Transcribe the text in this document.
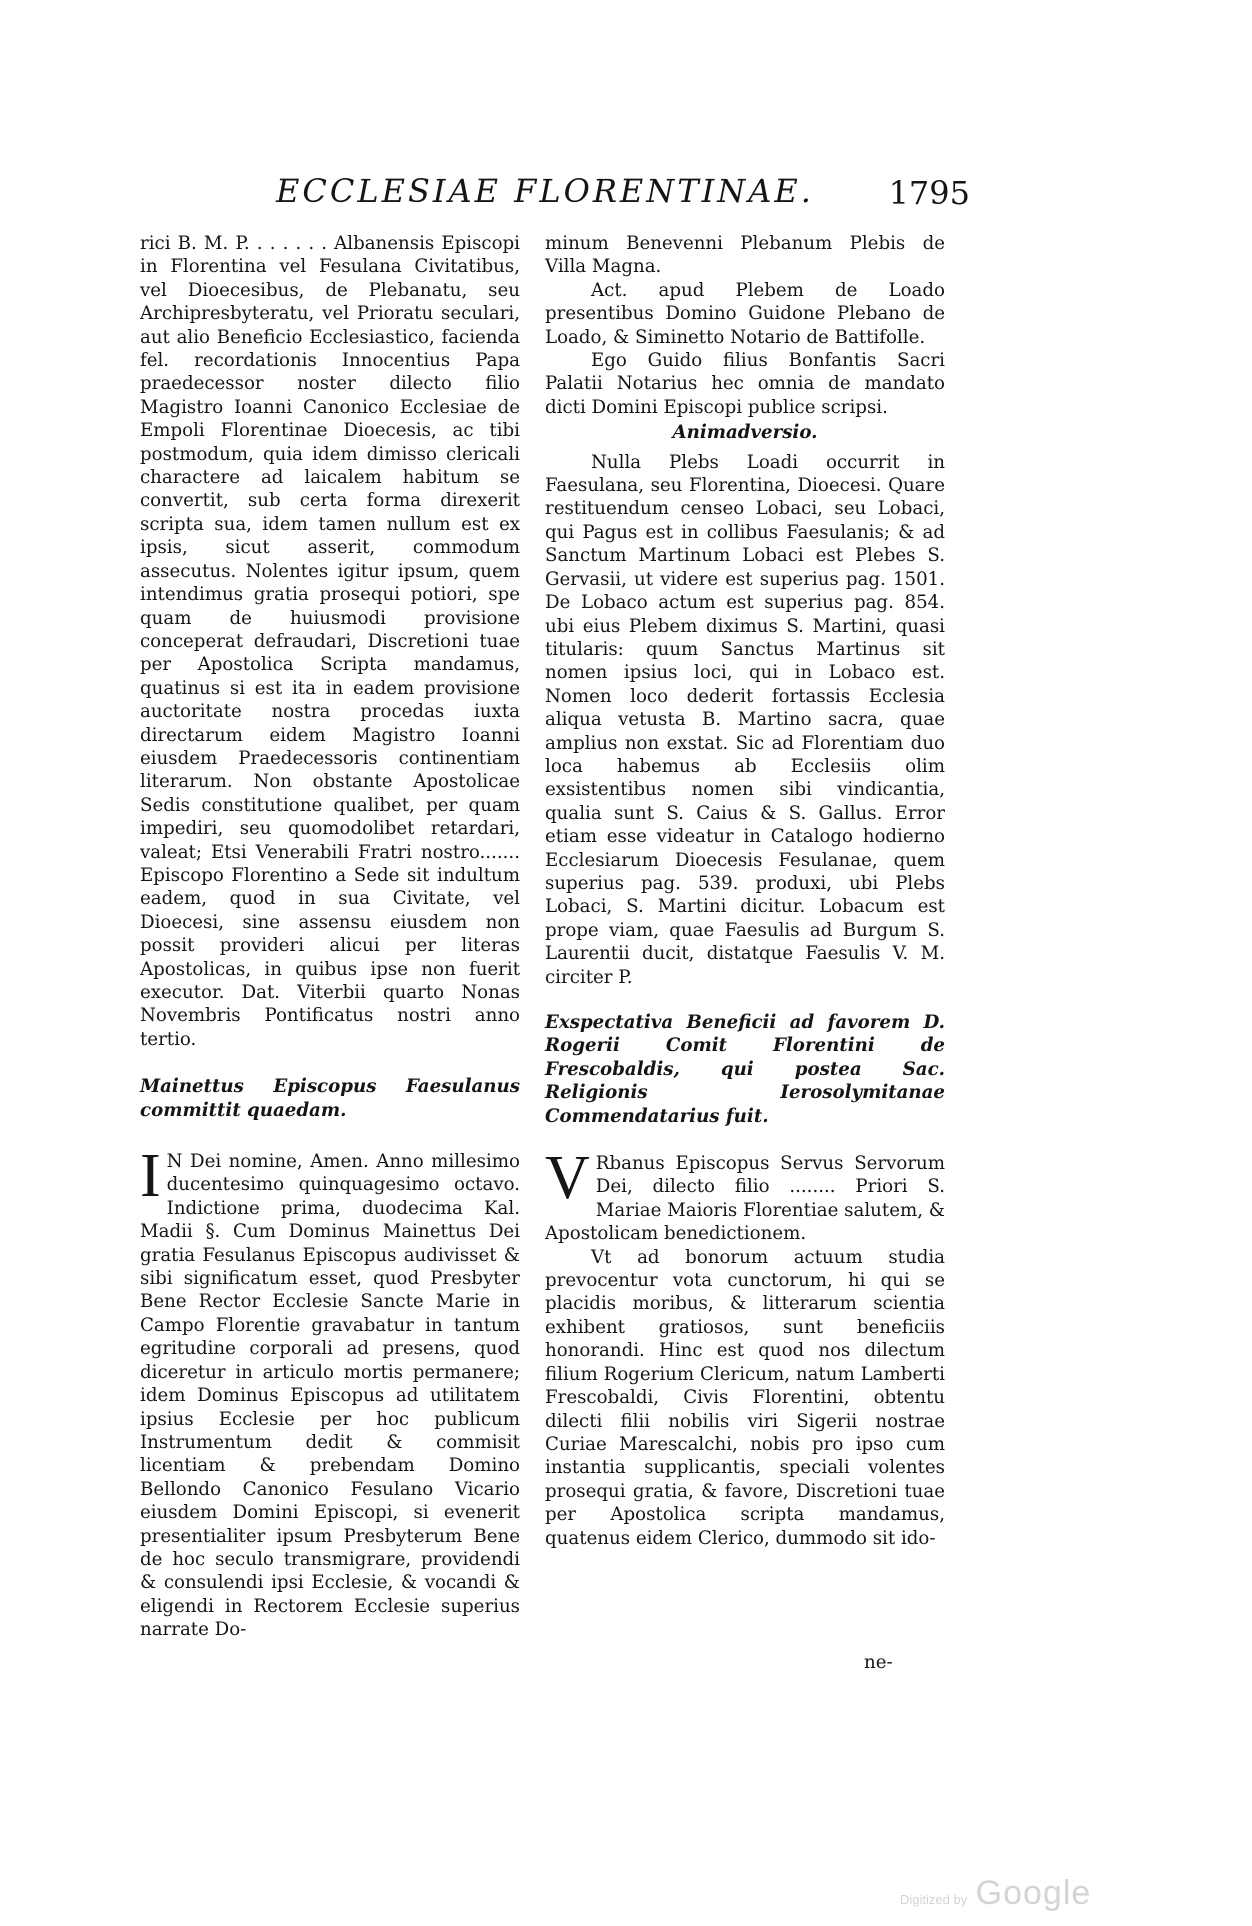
ECCLESIAE FLORENTINAE. 1795

rici B. M. P. . . . . . . Albanensis Episcopi in Florentina vel Fesulana Civitatibus, vel Dioecesibus, de Plebanatu, seu Archipresbyteratu, vel Prioratu seculari, aut alio Beneficio Ecclesiastico, facienda fel. recordationis Innocentius Papa praedecessor noster dilecto filio Magistro Ioanni Canonico Ecclesiae de Empoli Florentinae Dioecesis, ac tibi postmodum, quia idem dimisso clericali charactere ad laicalem habitum se convertit, sub certa forma direxerit scripta sua, idem tamen nullum est ex ipsis, sicut asserit, commodum assecutus. Nolentes igitur ipsum, quem intendimus gratia prosequi potiori, spe quam de huiusmodi provisione conceperat defraudari, Discretioni tuae per Apostolica Scripta mandamus, quatinus si est ita in eadem provisione auctoritate nostra procedas iuxta directarum eidem Magistro Ioanni eiusdem Praedecessoris continentiam literarum. Non obstante Apostolicae Sedis constitutione qualibet, per quam impediri, seu quomodolibet retardari, valeat; Etsi Venerabili Fratri nostro....... Episcopo Florentino a Sede sit indultum eadem, quod in sua Civitate, vel Dioecesi, sine assensu eiusdem non possit provideri alicui per literas Apostolicas, in quibus ipse non fuerit executor. Dat. Viterbii quarto Nonas Novembris Pontificatus nostri anno tertio.

Mainettus Episcopus Faesulanus committit quaedam.

I N Dei nomine, Amen. Anno millesimo ducentesimo quinquagesimo octavo. Indictione prima, duodecima Kal. Madii §. Cum Dominus Mainettus Dei gratia Fesulanus Episcopus audivisset & sibi significatum esset, quod Presbyter Bene Rector Ecclesie Sancte Marie in Campo Florentie gravabatur in tantum egritudine corporali ad presens, quod diceretur in articulo mortis permanere; idem Dominus Episcopus ad utilitatem ipsius Ecclesie per hoc publicum Instrumentum dedit & commisit licentiam & prebendam Domino Bellondo Canonico Fesulano Vicario eiusdem Domini Episcopi, si evenerit presentialiter ipsum Presbyterum Bene de hoc seculo transmigrare, providendi & consulendi ipsi Ecclesie, & vocandi & eligendi in Rectorem Ecclesie superius narrate Do-

minum Benevenni Plebanum Plebis de Villa Magna.

Act. apud Plebem de Loado presentibus Domino Guidone Plebano de Loado, & Siminetto Notario de Battifolle.

Ego Guido filius Bonfantis Sacri Palatii Notarius hec omnia de mandato dicti Domini Episcopi publice scripsi.

Animadversio.

Nulla Plebs Loadi occurrit in Faesulana, seu Florentina, Dioecesi. Quare restituendum censeo Lobaci, seu Lobaci, qui Pagus est in collibus Faesulanis; & ad Sanctum Martinum Lobaci est Plebes S. Gervasii, ut videre est superius pag. 1501. De Lobaco actum est superius pag. 854. ubi eius Plebem diximus S. Martini, quasi titularis: quum Sanctus Martinus sit nomen ipsius loci, qui in Lobaco est. Nomen loco dederit fortassis Ecclesia aliqua vetusta B. Martino sacra, quae amplius non exstat. Sic ad Florentiam duo loca habemus ab Ecclesiis olim exsistentibus nomen sibi vindicantia, qualia sunt S. Caius & S. Gallus. Error etiam esse videatur in Catalogo hodierno Ecclesiarum Dioecesis Fesulanae, quem superius pag. 539. produxi, ubi Plebs Lobaci, S. Martini dicitur. Lobacum est prope viam, quae Faesulis ad Burgum S. Laurentii ducit, distatque Faesulis V. M. circiter P.

Exspectativa Beneficii ad favorem D. Rogerii Comit Florentini de Frescobaldis, qui postea Sac. Religionis Ierosolymitanae Commendatarius fuit.

V Rbanus Episcopus Servus Servorum Dei, dilecto filio ........ Priori S. Mariae Maioris Florentiae salutem, & Apostolicam benedictionem.

Vt ad bonorum actuum studia prevocentur vota cunctorum, hi qui se placidis moribus, & litterarum scientia exhibent gratiosos, sunt beneficiis honorandi. Hinc est quod nos dilectum filium Rogerium Clericum, natum Lamberti Frescobaldi, Civis Florentini, obtentu dilecti filii nobilis viri Sigerii nostrae Curiae Marescalchi, nobis pro ipso cum instantia supplicantis, speciali volentes prosequi gratia, & favore, Discretioni tuae per Apostolica scripta mandamus, quatenus eidem Clerico, dummodo sit ido-

ne-
Digitized by Google
